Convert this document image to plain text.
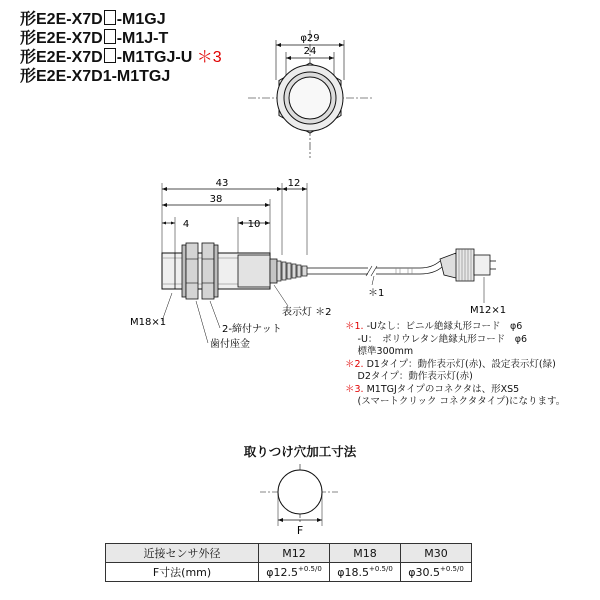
形E2E-X7D -M1GJ
形E2E-X7D -M1J-T
形E2E-X7D -M1TGJ-U ＊3
形E2E-X7D1-M1TGJ
φ29
24
43	12
38
4	10
M18×1
2-締付ナット
歯付座金
表示灯 ＊2
＊1
M12×1
＊1. -Uなし：ビニル絶縁丸形コード　φ6
　 -U：　ポリウレタン絶縁丸形コード　φ6
　 標準300mm
＊2. D1タイプ：動作表示灯(赤)、設定表示灯(緑)
　 D2タイプ：動作表示灯(赤)
＊3. M1TGJタイプのコネクタは、形XS5
　 (スマートクリック コネクタタイプ)になります。
取りつけ穴加工寸法
F
近接センサ外径	M12	M18	M30
F寸法(mm)	$\varphi 12.5^{+0.5/0}$	$\varphi 18.5^{+0.5/0}$	$\varphi 30.5^{+0.5/0}$
